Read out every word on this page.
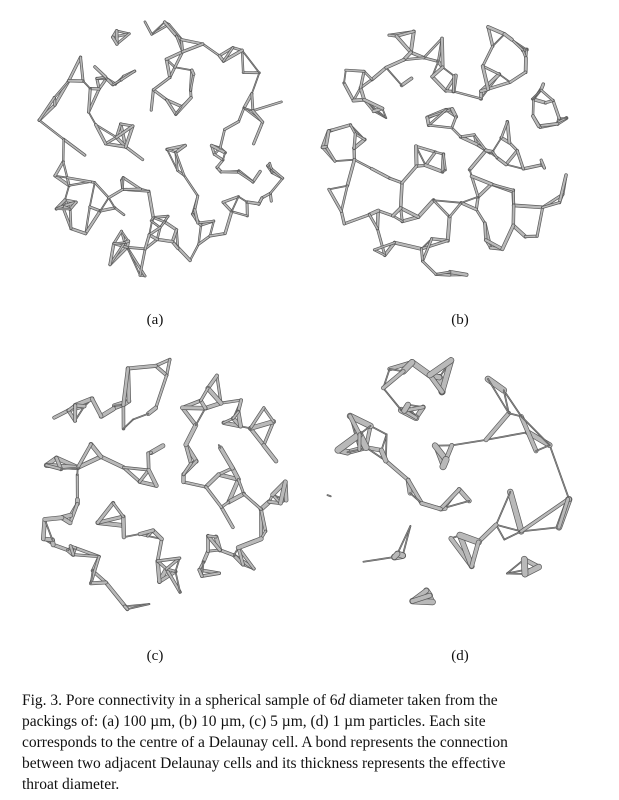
(a)	(b)
(c)	(d)
Fig. 3. Pore connectivity in a spherical sample of 6d diameter taken from the
packings of: (a) 100 µm, (b) 10 µm, (c) 5 µm, (d) 1 µm particles. Each site
corresponds to the centre of a Delaunay cell. A bond represents the connection
between two adjacent Delaunay cells and its thickness represents the effective
throat diameter.
